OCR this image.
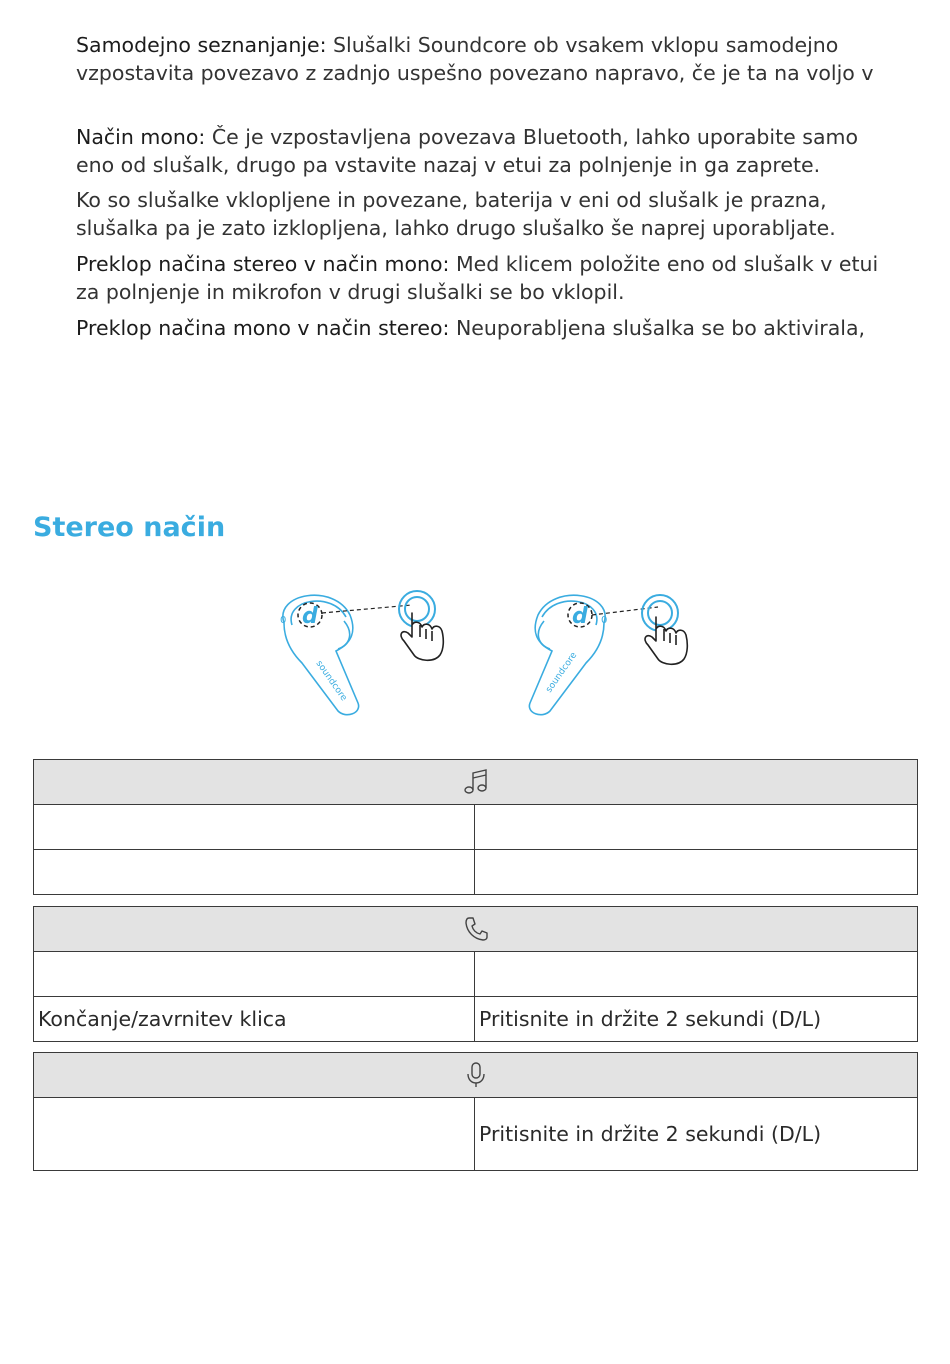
Samodejno seznanjanje: Slušalki Soundcore ob vsakem vklopu samodejno
vzpostavita povezavo z zadnjo uspešno povezano napravo, če je ta na voljo v
Način mono: Če je vzpostavljena povezava Bluetooth, lahko uporabite samo
eno od slušalk, drugo pa vstavite nazaj v etui za polnjenje in ga zaprete.
Ko so slušalke vklopljene in povezane, baterija v eni od slušalk je prazna,
slušalka pa je zato izklopljena, lahko drugo slušalko še naprej uporabljate.
Preklop načina stereo v način mono: Med klicem položite eno od slušalk v etui
za polnjenje in mikrofon v drugi slušalki se bo vklopil.
Preklop načina mono v način stereo: Neuporabljena slušalka se bo aktivirala,
Stereo način
0 d
soundcore
0
d
soundcore

Končanje/zavrnitev klica	Pritisnite in držite 2 sekundi (D/L)

	Pritisnite in držite 2 sekundi (D/L)
